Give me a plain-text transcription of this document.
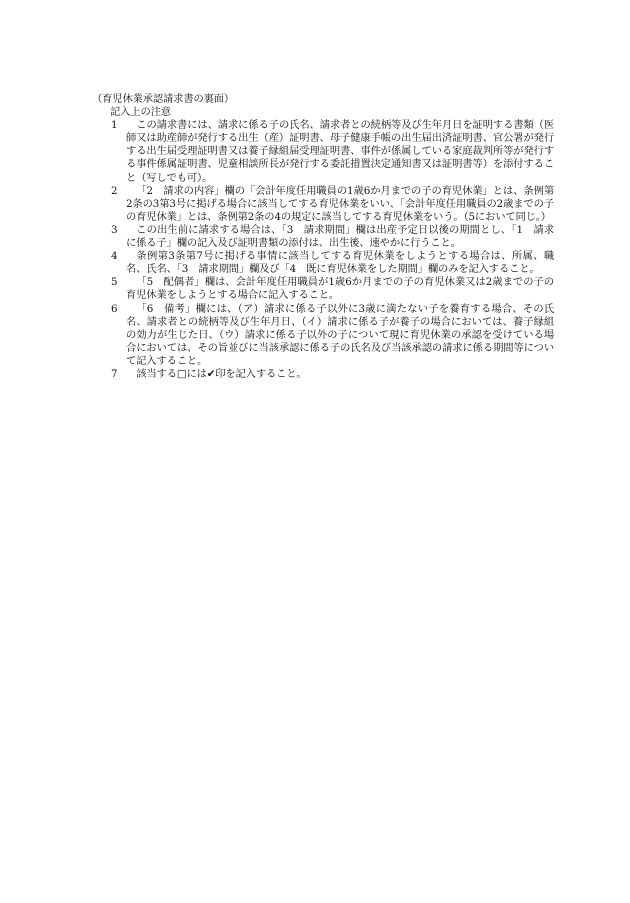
（育児休業承認請求書の裏面）
記入上の注意
1	この請求書には、請求に係る子の氏名、請求者との続柄等及び生年月日を証明する書類（医師又は助産師が発行する出生（産）証明書、母子健康手帳の出生届出済証明書、官公署が発行する出生届受理証明書又は養子縁組届受理証明書、事件が係属している家庭裁判所等が発行する事件係属証明書、児童相談所長が発行する委託措置決定通知書又は証明書等）を添付すること（写しでも可）。
2	「2　請求の内容」欄の「会計年度任用職員の1歳6か月までの子の育児休業」とは、条例第2条の3第3号に掲げる場合に該当してする育児休業をいい、「会計年度任用職員の2歳までの子の育児休業」とは、条例第2条の4の規定に該当してする育児休業をいう。（5において同じ。）
3	この出生前に請求する場合は、「3　請求期間」欄は出産予定日以後の期間とし、「1　請求に係る子」欄の記入及び証明書類の添付は、出生後、速やかに行うこと。
4	条例第3条第7号に掲げる事情に該当してする育児休業をしようとする場合は、所属、職名、氏名、「3　請求期間」欄及び「4　既に育児休業をした期間」欄のみを記入すること。
5	「5　配偶者」欄は、会計年度任用職員が1歳6か月までの子の育児休業又は2歳までの子の育児休業をしようとする場合に記入すること。
6	「6　備考」欄には、（ア）請求に係る子以外に3歳に満たない子を養育する場合、その氏名、請求者との続柄等及び生年月日、（イ）請求に係る子が養子の場合においては、養子縁組の効力が生じた日、（ウ）請求に係る子以外の子について現に育児休業の承認を受けている場合においては、その旨並びに当該承認に係る子の氏名及び当該承認の請求に係る期間等について記入すること。
7	該当する□には✔印を記入すること。
